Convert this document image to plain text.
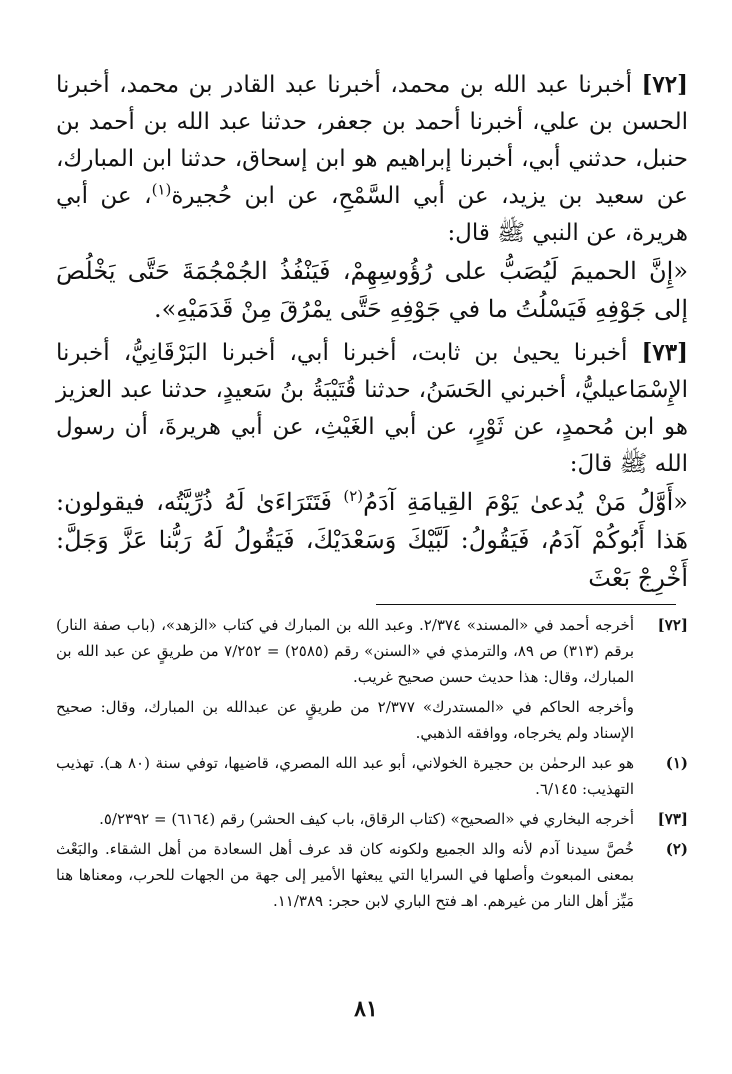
[٧٢] أخبرنا عبد الله بن محمد، أخبرنا عبد القادر بن محمد، أخبرنا الحسن بن علي، أخبرنا أحمد بن جعفر، حدثنا عبد الله بن أحمد بن حنبل، حدثني أبي، أخبرنا إبراهيم هو ابن إسحاق، حدثنا ابن المبارك، عن سعيد بن يزيد، عن أبي السَّمْحِ، عن ابن حُجيرة$^{(١)}$، عن أبي هريرة، عن النبي ﷺ قال:

«إِنَّ الحميمَ لَيُصَبُّ على رُؤُوسِهِمْ، فَيَنْفُذُ الجُمْجُمَةَ حَتَّى يَخْلُصَ إلى جَوْفِهِ فَيَسْلُتُ ما في جَوْفِهِ حَتَّى يمْرُقَ مِنْ قَدَمَيْهِ».

[٧٣] أخبرنا يحيىٰ بن ثابت، أخبرنا أبي، أخبرنا البَرْقَانِيُّ، أخبرنا الإِسْمَاعيليُّ، أخبرني الحَسَنُ، حدثنا قُتَيْبَةُ بنُ سَعيدٍ، حدثنا عبد العزيز هو ابن مُحمدٍ، عن ثَوْرٍ، عن أبي الغَيْثِ، عن أبي هريرةَ، أن رسول الله ﷺ قالَ:

«أَوَّلُ مَنْ يُدعىٰ يَوْمَ القِيامَةِ آدَمُ$^{(٢)}$ فَتَتَرَاءَىٰ لَهُ ذُرِّيَّتُه، فيقولون: هَذا أَبُوكُمْ آدَمُ، فَيَقُولُ: لَبَّيْكَ وَسَعْدَيْكَ، فَيَقُولُ لَهُ رَبُّنا عَزَّ وَجَلَّ: أَخْرِجْ بَعْثَ

[٧٢]
أخرجه أحمد في «المسند» ٢/٣٧٤. وعبد الله بن المبارك في كتاب «الزهد»، (باب صفة النار) برقم (٣١٣) ص ٨٩، والترمذي في «السنن» رقم (٢٥٨٥) = ٧/٢٥٢ من طريقٍ عن عبد الله بن المبارك، وقال: هذا حديث حسن صحيح غريب.

وأخرجه الحاكم في «المستدرك» ٢/٣٧٧ من طريقٍ عن عبدالله بن المبارك، وقال: صحيح الإسناد ولم يخرجاه، ووافقه الذهبي.

(١)
هو عبد الرحمٰن بن حجيرة الخولاني، أبو عبد الله المصري، قاضيها، توفي سنة (٨٠ هـ). تهذيب التهذيب: ٦/١٤٥.
[٧٣]
أخرجه البخاري في «الصحيح» (كتاب الرقاق، باب كيف الحشر) رقم (٦١٦٤) = ٥/٢٣٩٢.
(٢)
خُصَّ سيدنا آدم لأنه والد الجميع ولكونه كان قد عرف أهل السعادة من أهل الشقاء. والبَعْث بمعنى المبعوث وأصلها في السرايا التي يبعثها الأمير إلى جهة من الجهات للحرب، ومعناها هنا مَيِّز أهل النار من غيرهم. اهـ فتح الباري لابن حجر: ١١/٣٨٩.
٨١
